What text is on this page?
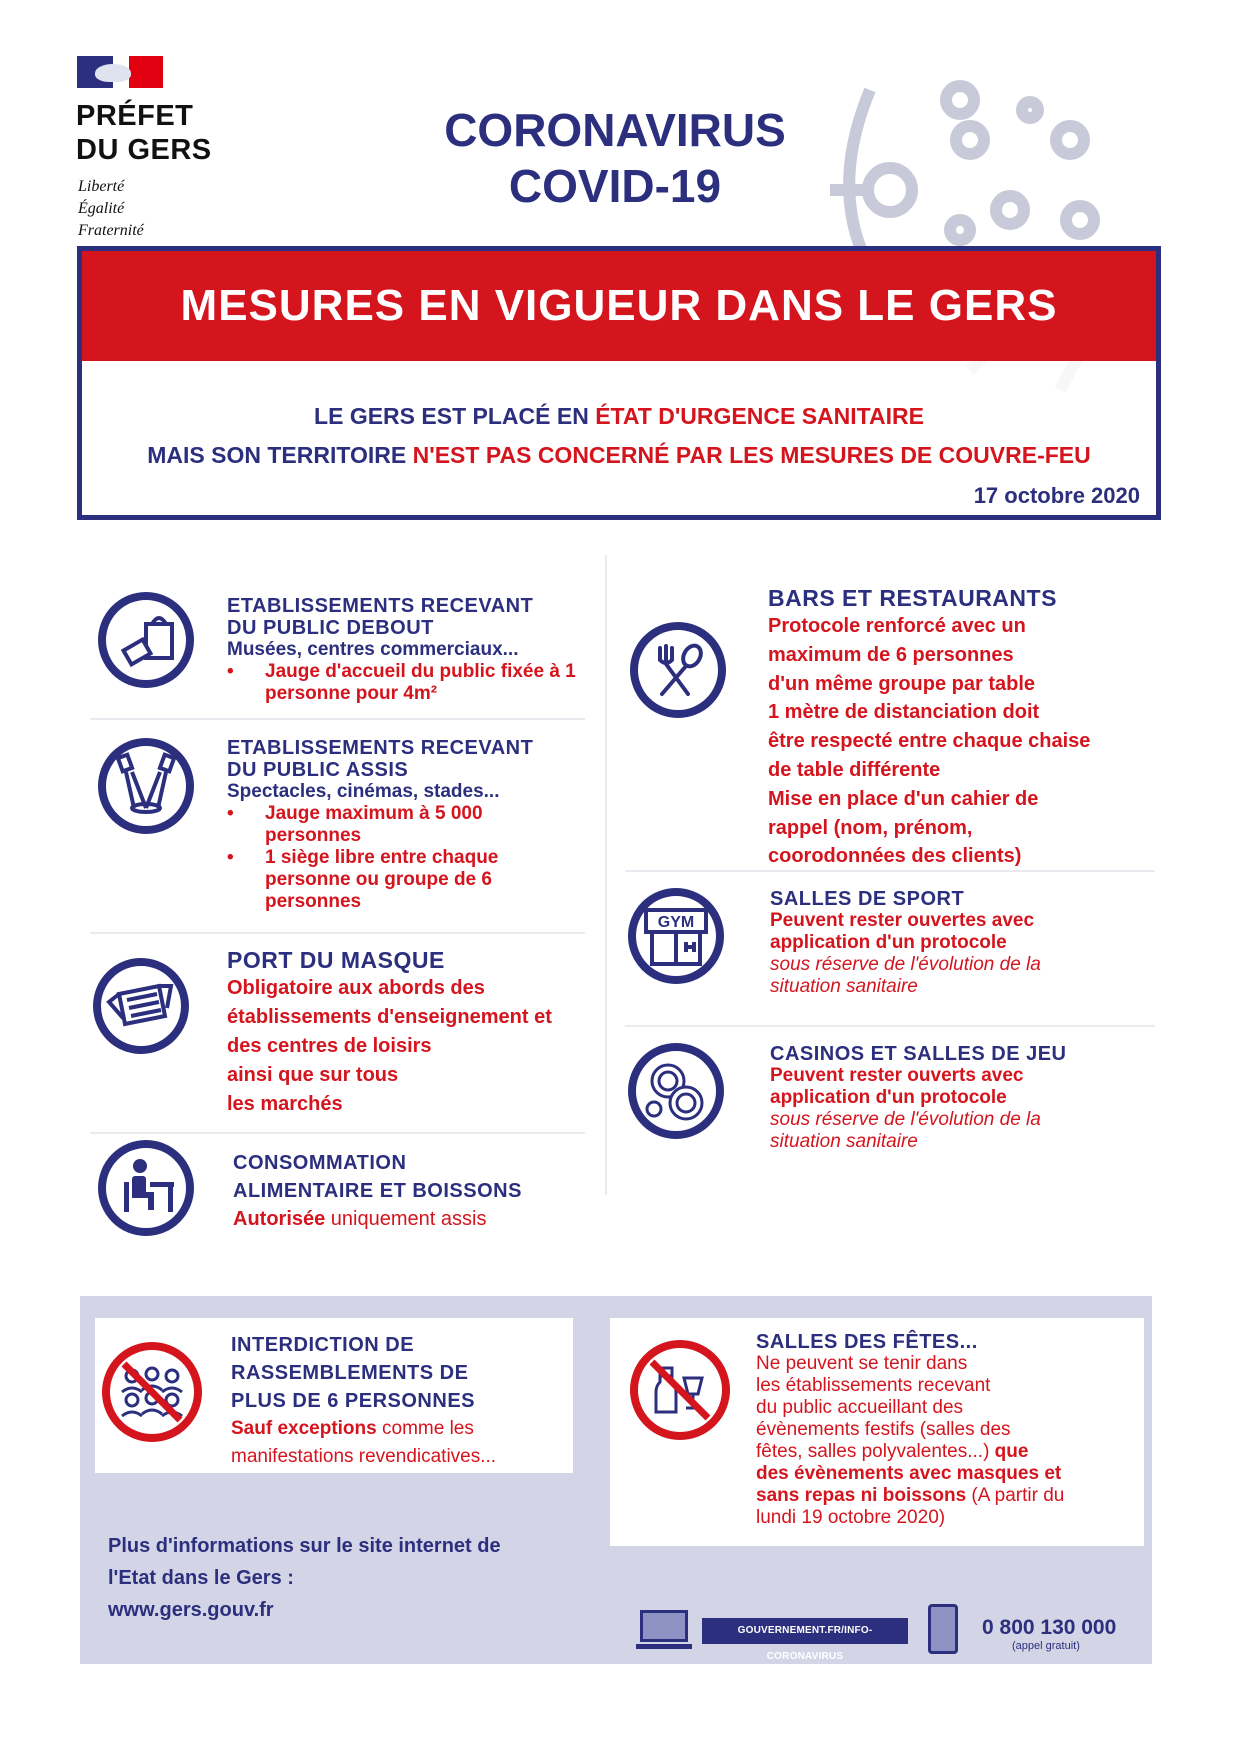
PRÉFET
DU GERS
Liberté
Égalité
Fraternité
CORONAVIRUS
COVID-19
MESURES EN VIGUEUR DANS LE GERS
LE GERS EST PLACÉ EN ÉTAT D'URGENCE SANITAIRE
MAIS SON TERRITOIRE N'EST PAS CONCERNÉ PAR LES MESURES DE COUVRE-FEU
17 octobre 2020
ETABLISSEMENTS RECEVANT
DU PUBLIC DEBOUT
Musées, centres commerciaux...
• Jauge d'accueil du public fixée à 1 personne pour 4m²
ETABLISSEMENTS RECEVANT
DU PUBLIC ASSIS
Spectacles, cinémas, stades...
• Jauge maximum à 5 000 personnes
• 1 siège libre entre chaque personne ou groupe de 6 personnes
PORT DU MASQUE
Obligatoire aux abords des
établissements d'enseignement et
des centres de loisirs
ainsi que sur tous
les marchés
CONSOMMATION
ALIMENTAIRE ET BOISSONS
Autorisée uniquement assis
BARS ET RESTAURANTS
Protocole renforcé avec un
maximum de 6 personnes
d'un même groupe par table
1 mètre de distanciation doit
être respecté entre chaque chaise
de table différente
Mise en place d'un cahier de
rappel (nom, prénom,
coorodonnées des clients)
GYM
SALLES DE SPORT
Peuvent rester ouvertes avec
application d'un protocole
sous réserve de l'évolution de la
situation sanitaire
CASINOS ET SALLES DE JEU
Peuvent rester ouverts avec
application d'un protocole
sous réserve de l'évolution de la
situation sanitaire
INTERDICTION DE
RASSEMBLEMENTS DE
PLUS DE 6 PERSONNES
Sauf exceptions comme les
manifestations revendicatives...
SALLES DES FÊTES...
Ne peuvent se tenir dans
les établissements recevant
du public accueillant des
évènements festifs (salles des
fêtes, salles polyvalentes...) que
des évènements avec masques et
sans repas ni boissons (A partir du
lundi 19 octobre 2020)
Plus d'informations sur le site internet de
l'Etat dans le Gers :
www.gers.gouv.fr
GOUVERNEMENT.FR/INFO-CORONAVIRUS
0 800 130 000
(appel gratuit)
